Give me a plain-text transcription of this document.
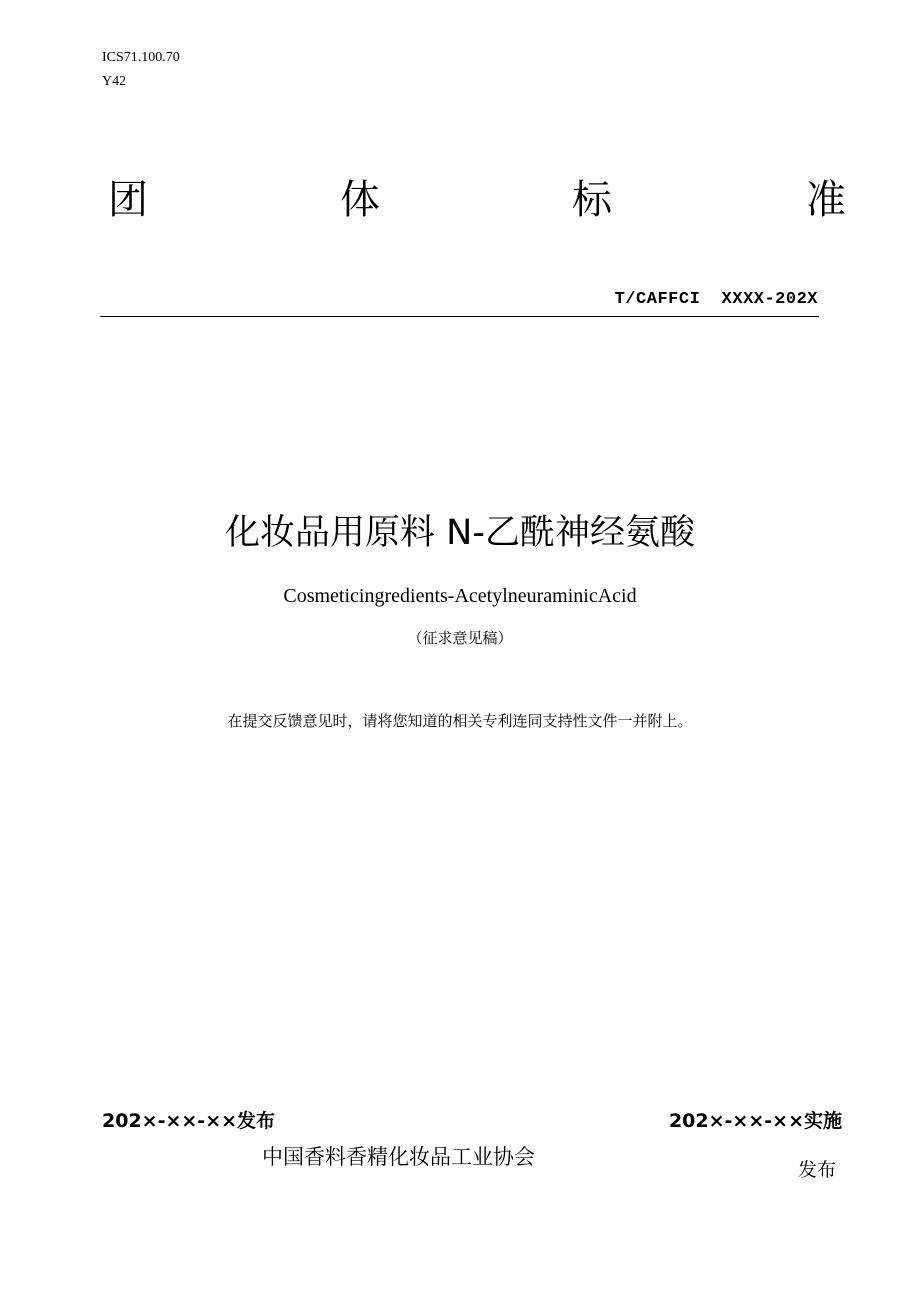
ICS71.100.70
Y42
团	体	标	准
T/CAFFCI  XXXX-202X
化妆品用原料 N-乙酰神经氨酸
Cosmeticingredients-AcetylneuraminicAcid
（征求意见稿）
在提交反馈意见时，请将您知道的相关专利连同支持性文件一并附上。
202×-××-××发布	202×-××-××实施
中国香料香精化妆品工业协会
发布
